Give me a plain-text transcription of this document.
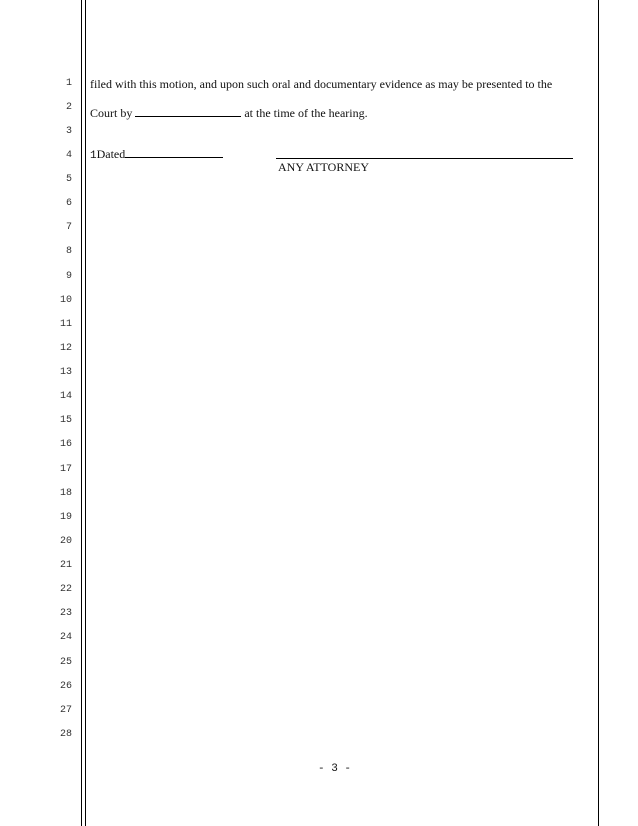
1
2
3
4
5
6
7
8
9
10
11
12
13
14
15
16
17
18
19
20
21
22
23
24
25
26
27
28
filed with this motion, and upon such oral and documentary evidence as may be presented to the
Court by	at the time of the hearing.
1Dated
ANY ATTORNEY
- 3 -
